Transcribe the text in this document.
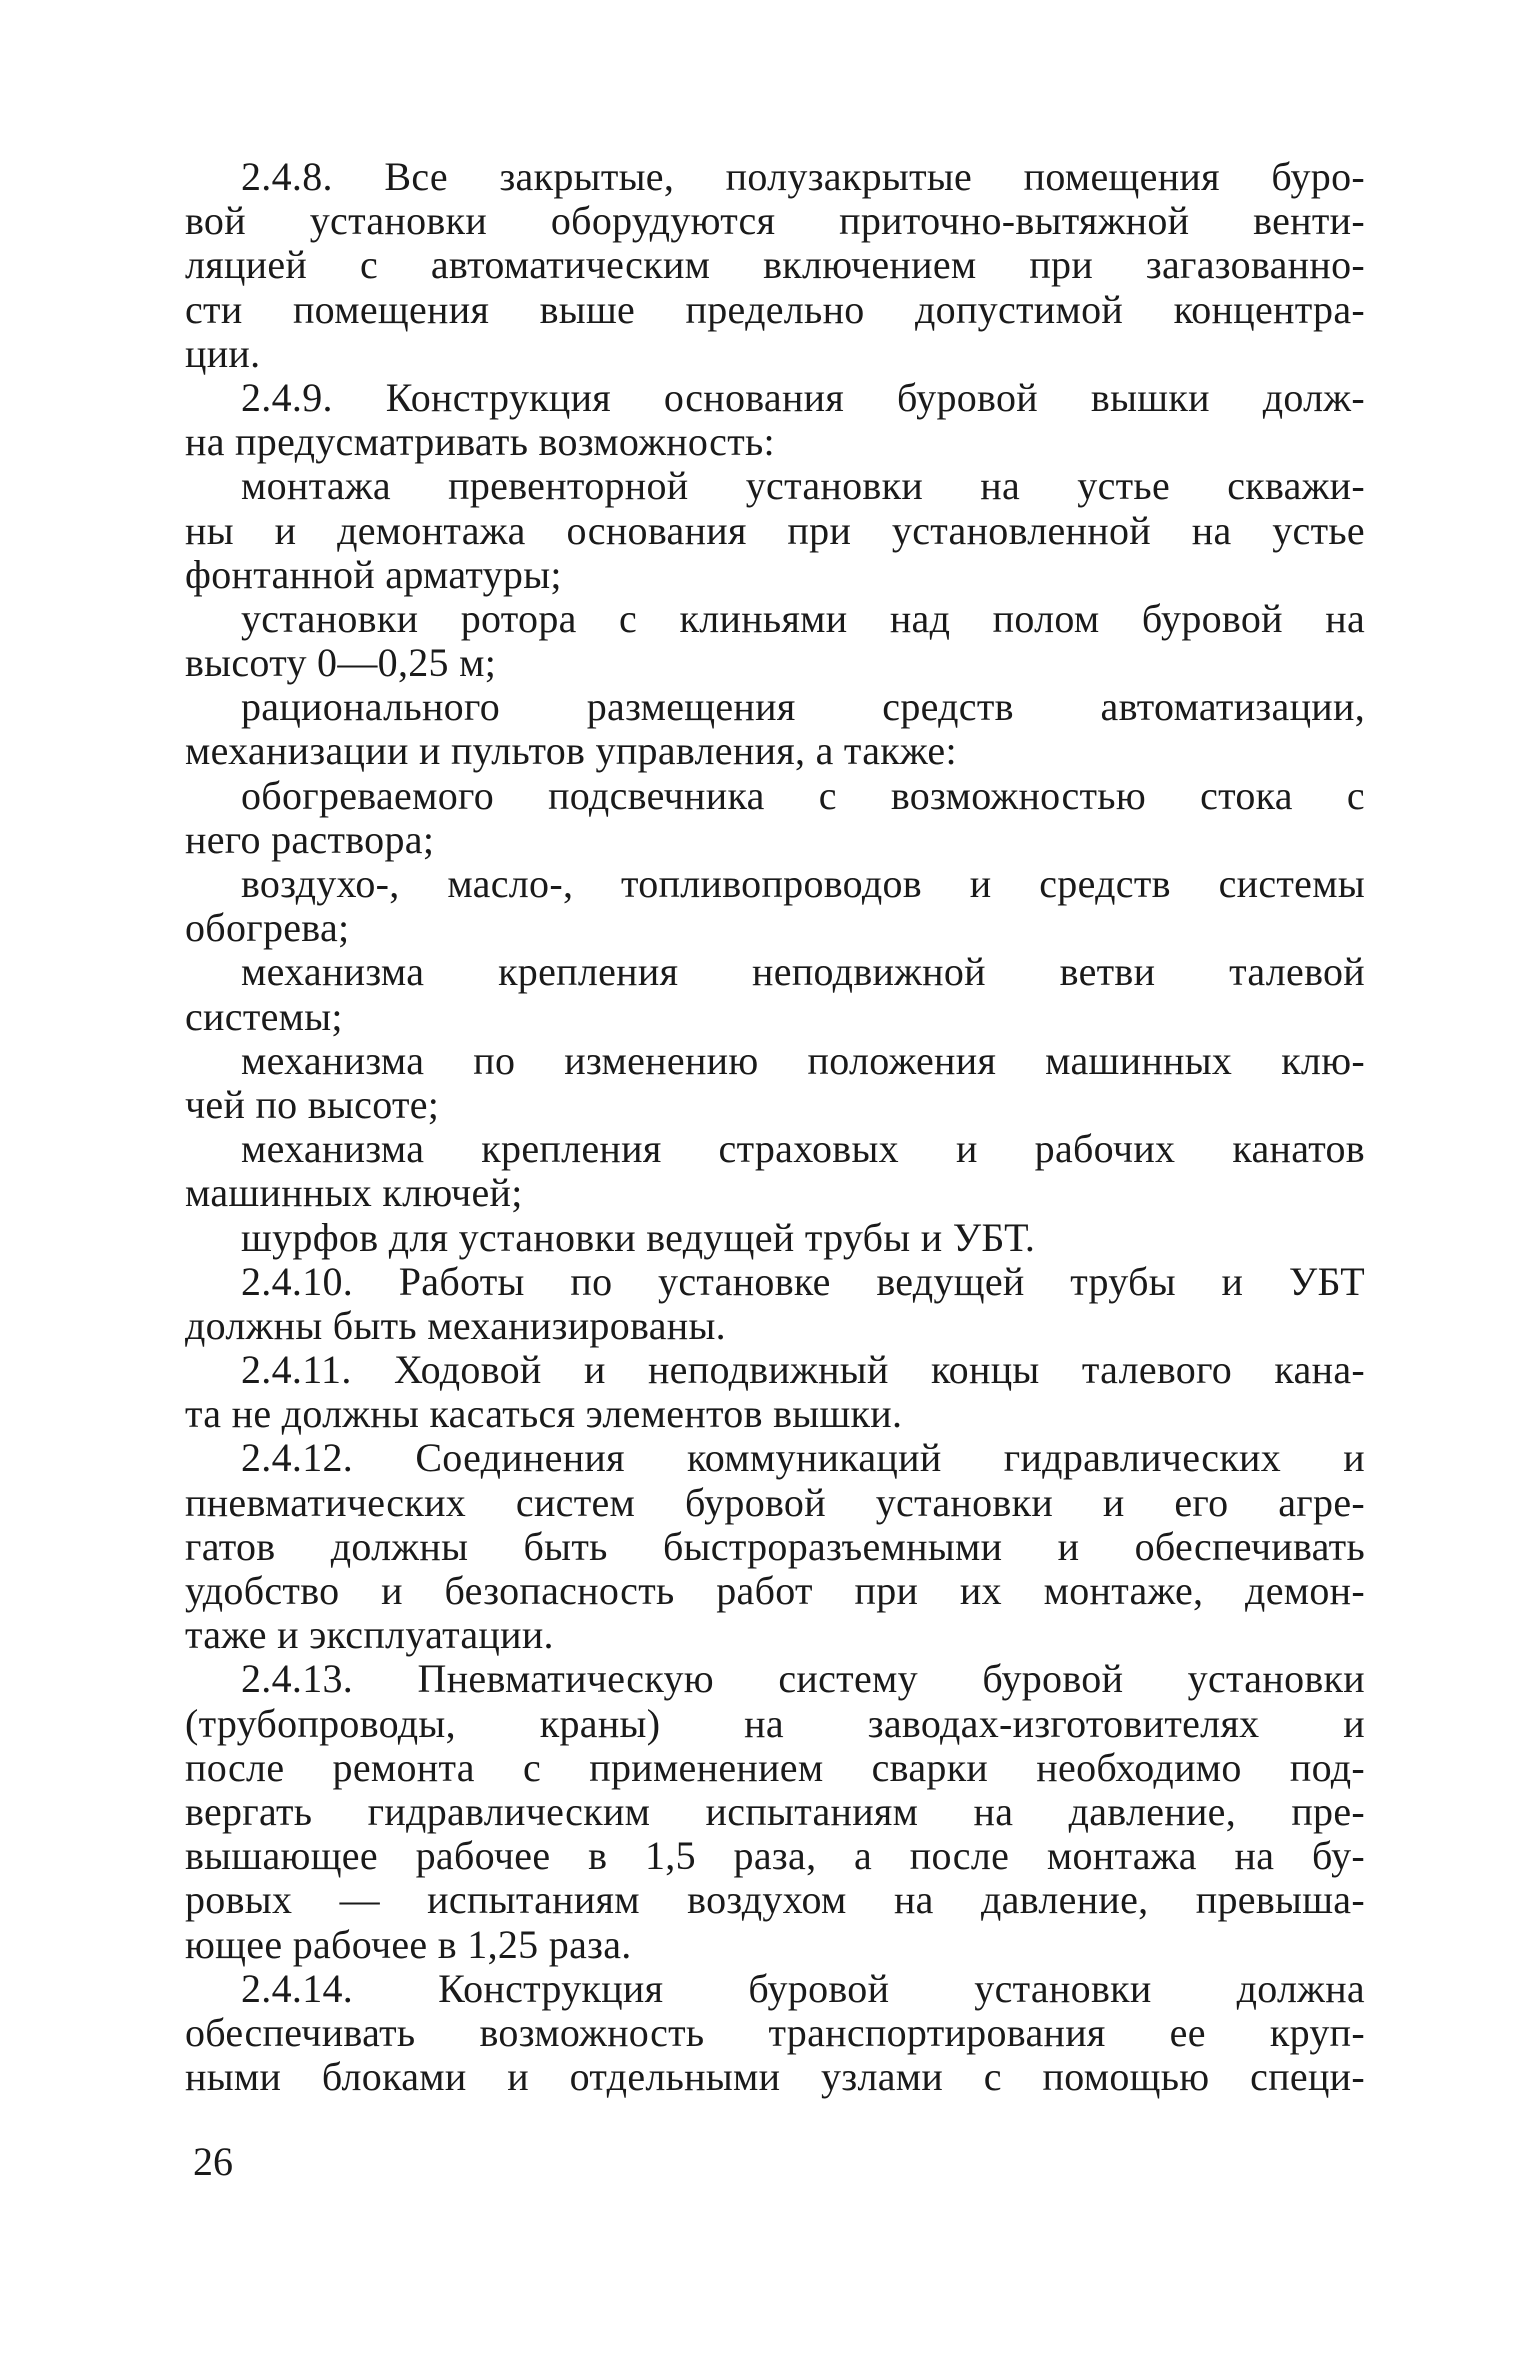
2.4.8. Все закрытые, полузакрытые помещения буро-
вой установки оборудуются приточно-вытяжной венти-
ляцией с автоматическим включением при загазованно-
сти помещения выше предельно допустимой концентра-
ции.
2.4.9. Конструкция основания буровой вышки долж-
на предусматривать возможность:
монтажа превенторной установки на устье скважи-
ны и демонтажа основания при установленной на устье
фонтанной арматуры;
установки ротора с клиньями над полом буровой на
высоту 0—0,25 м;
рационального размещения средств автоматизации,
механизации и пультов управления, а также:
обогреваемого подсвечника с возможностью стока с
него раствора;
воздухо-, масло-, топливопроводов и средств системы
обогрева;
механизма крепления неподвижной ветви талевой
системы;
механизма по изменению положения машинных клю-
чей по высоте;
механизма крепления страховых и рабочих канатов
машинных ключей;
шурфов для установки ведущей трубы и УБТ.
2.4.10. Работы по установке ведущей трубы и УБТ
должны быть механизированы.
2.4.11. Ходовой и неподвижный концы талевого кана-
та не должны касаться элементов вышки.
2.4.12. Соединения коммуникаций гидравлических и
пневматических систем буровой установки и его агре-
гатов должны быть быстроразъемными и обеспечивать
удобство и безопасность работ при их монтаже, демон-
таже и эксплуатации.
2.4.13. Пневматическую систему буровой установки
(трубопроводы, краны) на заводах-изготовителях и
после ремонта с применением сварки необходимо под-
вергать гидравлическим испытаниям на давление, пре-
вышающее рабочее в 1,5 раза, а после монтажа на бу-
ровых — испытаниям воздухом на давление, превыша-
ющее рабочее в 1,25 раза.
2.4.14. Конструкция буровой установки должна
обеспечивать возможность транспортирования ее круп-
ными блоками и отдельными узлами с помощью специ-
26
